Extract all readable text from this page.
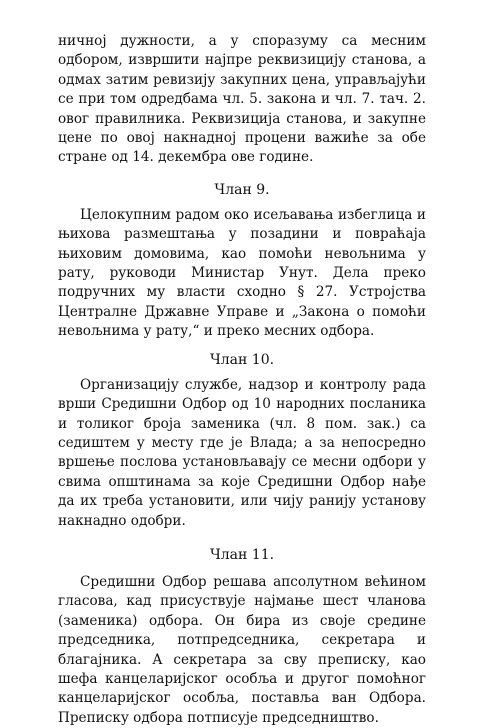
ничној дужности, а у споразуму са месним одбором, извршити најпре реквизицију станова, а одмах затим ревизију закупних цена, управљајући се при том одредбама чл. 5. закона и чл. 7. тач. 2. овог правилника. Реквизиција станова, и закупне цене по овој накнадној процени важиће за обе стране од 14. декембра ове године.

Члан 9.

Целокупним радом око исељавања избеглица и њихова размештања у позадини и повраћаја њиховим домовима, као помоћи невољнима у рату, руководи Министар Унут. Дела преко подручних му власти сходно § 27. Устројства Централне Државне Управе и „Закона о помоћи невољнима у рату,“ и преко месних одбора.

Члан 10.

Организацију службе, надзор и контролу рада врши Средишни Одбор од 10 народних посланика и толиког броја заменика (чл. 8 пом. зак.) са седиштем у месту где је Влада; а за непосредно вршење послова установљавају се месни одбори у свима општинама за које Средишни Одбор нађе да их треба установити, или чију ранију установу накнадно одобри.

Члан 11.

Средишни Одбор решава апсолутном већином гласова, кад присуствује најмање шест чланова (заменика) одбора. Он бира из своје средине председника, потпредседника, секретара и благајника. А секретара за сву преписку, као шефа канцеларијског особља и другог помоћног канцеларијског особља, поставља ван Одбора. Преписку одбора потписује председништво.
